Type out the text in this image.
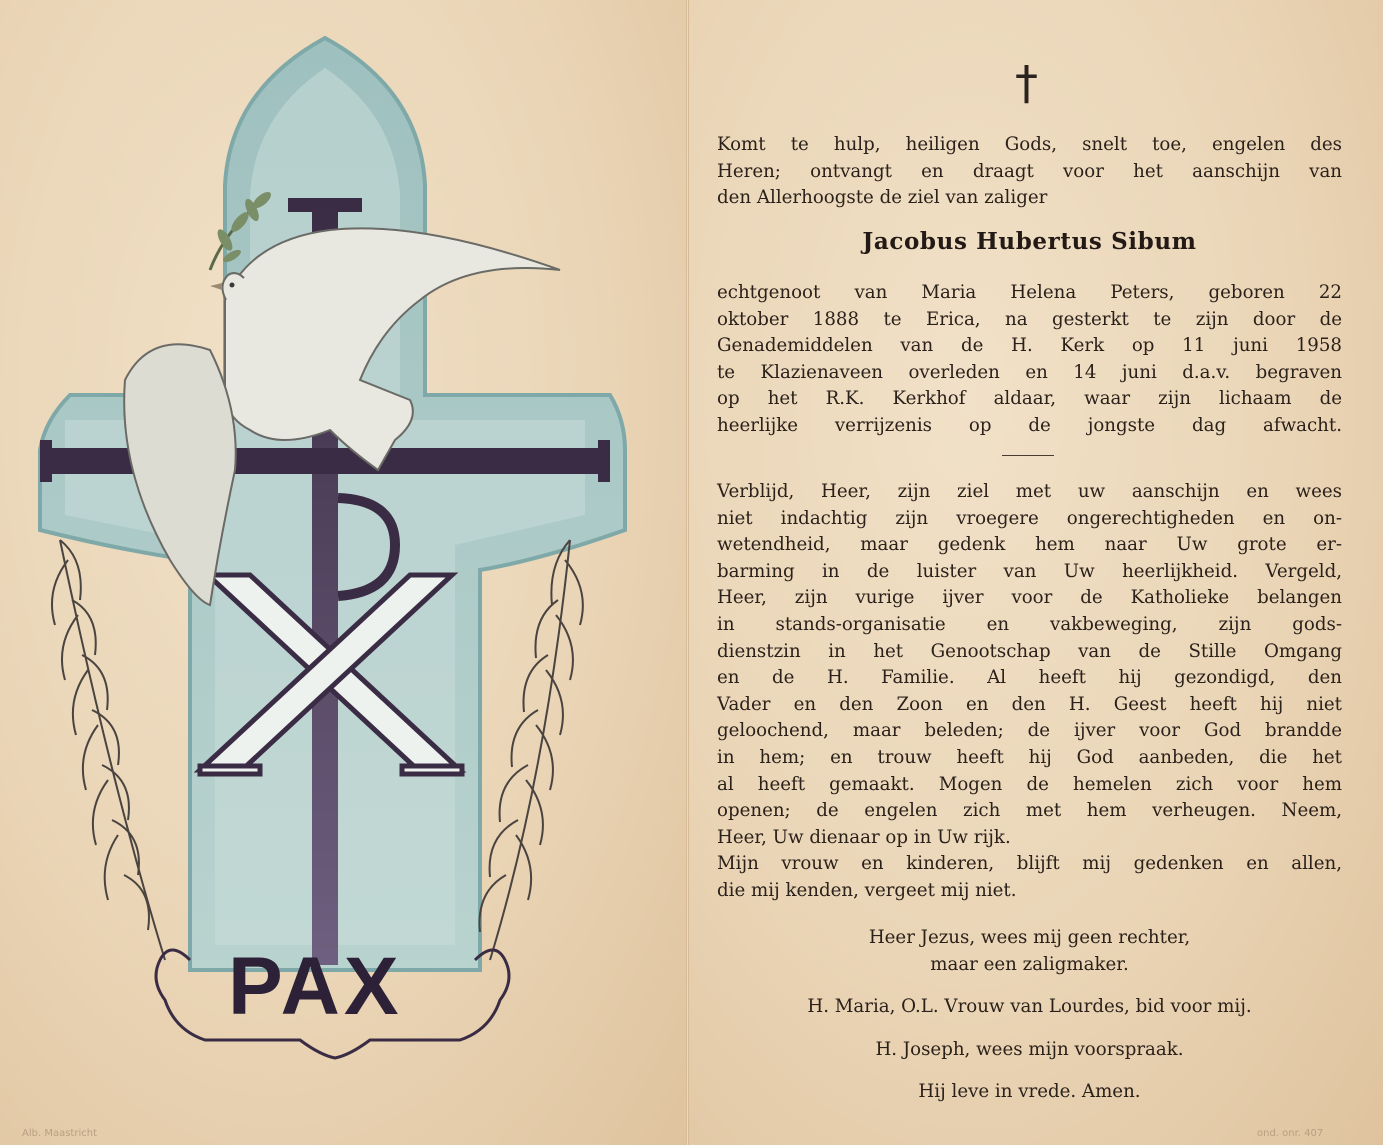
PAX
Alb. Maastricht
†
Komt te hulp, heiligen Gods, snelt toe, engelen des
Heren; ontvangt en draagt voor het aanschijn van
den Allerhoogste de ziel van zaliger
Jacobus Hubertus Sibum
echtgenoot van Maria Helena Peters, geboren 22
oktober 1888 te Erica, na gesterkt te zijn door de
Genademiddelen van de H. Kerk op 11 juni 1958
te Klazienaveen overleden en 14 juni d.a.v. begraven
op het R.K. Kerkhof aldaar, waar zijn lichaam de
heerlijke verrijzenis op de jongste dag afwacht.
Verblijd, Heer, zijn ziel met uw aanschijn en wees
niet indachtig zijn vroegere ongerechtigheden en on-
wetendheid, maar gedenk hem naar Uw grote er-
barming in de luister van Uw heerlijkheid. Vergeld,
Heer, zijn vurige ijver voor de Katholieke belangen
in stands-organisatie en vakbeweging, zijn gods-
dienstzin in het Genootschap van de Stille Omgang
en de H. Familie. Al heeft hij gezondigd, den
Vader en den Zoon en den H. Geest heeft hij niet
geloochend, maar beleden; de ijver voor God brandde
in hem; en trouw heeft hij God aanbeden, die het
al heeft gemaakt. Mogen de hemelen zich voor hem
openen; de engelen zich met hem verheugen. Neem,
Heer, Uw dienaar op in Uw rijk.
Mijn vrouw en kinderen, blijft mij gedenken en allen,
die mij kenden, vergeet mij niet.
Heer Jezus, wees mij geen rechter,
maar een zaligmaker.
H. Maria, O.L. Vrouw van Lourdes, bid voor mij.
H. Joseph, wees mijn voorspraak.
Hij leve in vrede. Amen.
ond. onr. 407
